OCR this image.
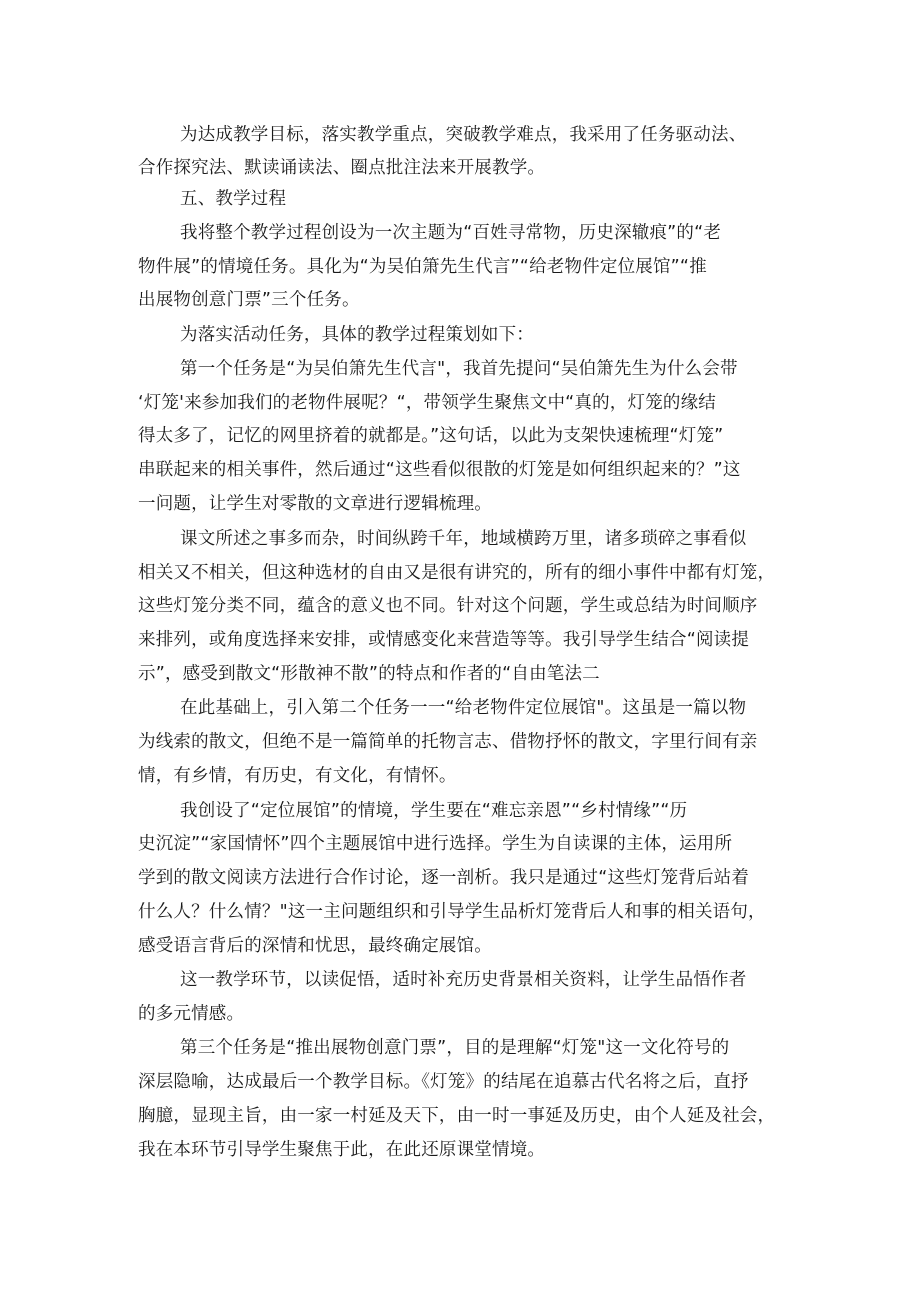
为达成教学目标，落实教学重点，突破教学难点，我采用了任务驱动法、
合作探究法、默读诵读法、圈点批注法来开展教学。
五、教学过程
我将整个教学过程创设为一次主题为“百姓寻常物，历史深辙痕”的“老
物件展”的情境任务。具化为“为吴伯箫先生代言”“给老物件定位展馆”“推
出展物创意门票”三个任务。
为落实活动任务，具体的教学过程策划如下：
第一个任务是“为吴伯箫先生代言"，我首先提问“吴伯箫先生为什么会带
‘灯笼'来参加我们的老物件展呢？“，带领学生聚焦文中“真的，灯笼的缘结
得太多了，记忆的网里挤着的就都是。”这句话，以此为支架快速梳理“灯笼”
串联起来的相关事件，然后通过“这些看似很散的灯笼是如何组织起来的？”这
一问题，让学生对零散的文章进行逻辑梳理。
课文所述之事多而杂，时间纵跨千年，地域横跨万里，诸多琐碎之事看似
相关又不相关，但这种选材的自由又是很有讲究的，所有的细小事件中都有灯笼，
这些灯笼分类不同，蕴含的意义也不同。针对这个问题，学生或总结为时间顺序
来排列，或角度选择来安排，或情感变化来营造等等。我引导学生结合“阅读提
示”，感受到散文“形散神不散”的特点和作者的“自由笔法二
在此基础上，引入第二个任务一一“给老物件定位展馆"。这虽是一篇以物
为线索的散文，但绝不是一篇简单的托物言志、借物抒怀的散文，字里行间有亲
情，有乡情，有历史，有文化，有情怀。
我创设了“定位展馆”的情境，学生要在“难忘亲恩”“乡村情缘”“历
史沉淀”“家国情怀”四个主题展馆中进行选择。学生为自读课的主体，运用所
学到的散文阅读方法进行合作讨论，逐一剖析。我只是通过“这些灯笼背后站着
什么人？什么情？"这一主问题组织和引导学生品析灯笼背后人和事的相关语句，
感受语言背后的深情和忧思，最终确定展馆。
这一教学环节，以读促悟，适时补充历史背景相关资料，让学生品悟作者
的多元情感。
第三个任务是“推出展物创意门票”，目的是理解“灯笼"这一文化符号的
深层隐喻，达成最后一个教学目标。《灯笼》的结尾在追慕古代名将之后，直抒
胸臆，显现主旨，由一家一村延及天下，由一时一事延及历史，由个人延及社会，
我在本环节引导学生聚焦于此，在此还原课堂情境。
